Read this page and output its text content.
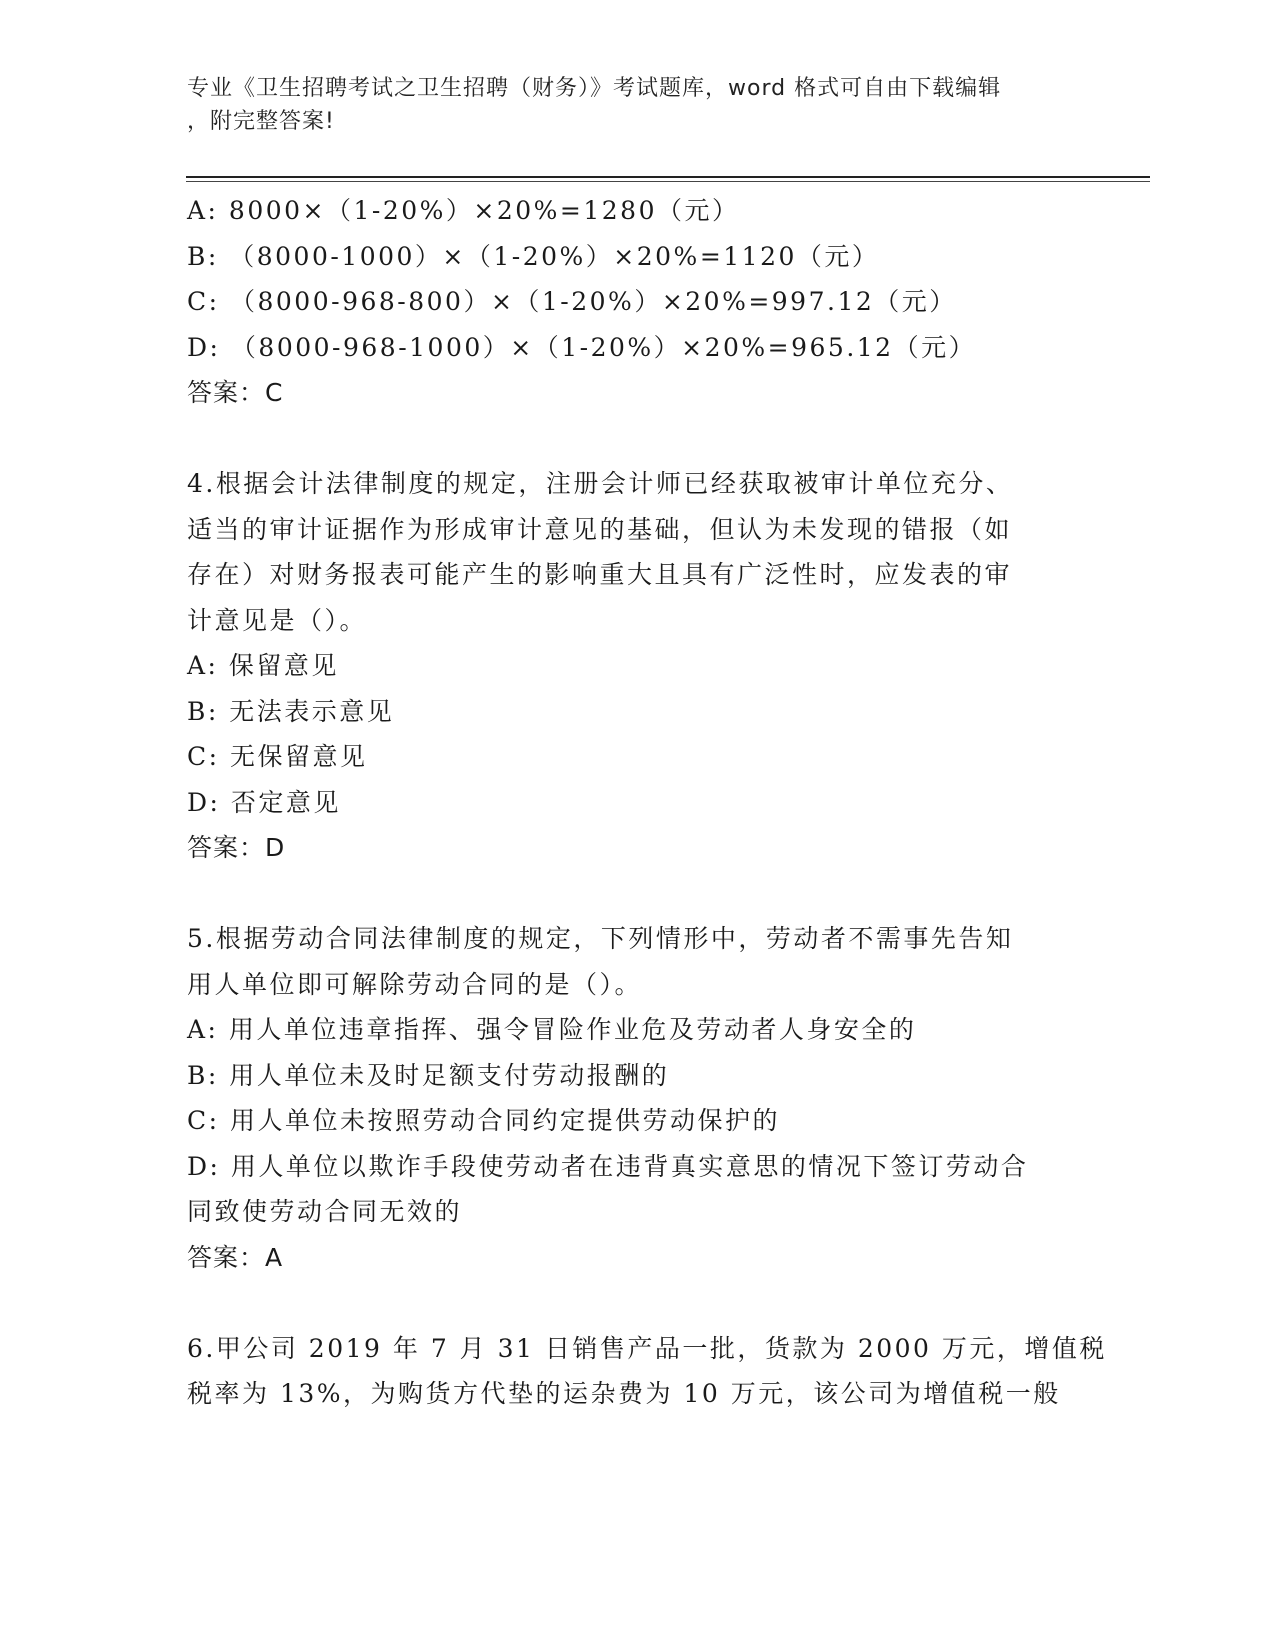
专业《卫生招聘考试之卫生招聘（财务）》考试题库，word 格式可自由下载编辑
，附完整答案!
A: 8000×（1-20%）×20%=1280（元）
B: （8000-1000）×（1-20%）×20%=1120（元）
C: （8000-968-800）×（1-20%）×20%=997.12（元）
D: （8000-968-1000）×（1-20%）×20%=965.12（元）
答案：C
4.根据会计法律制度的规定，注册会计师已经获取被审计单位充分、
适当的审计证据作为形成审计意见的基础，但认为未发现的错报（如
存在）对财务报表可能产生的影响重大且具有广泛性时，应发表的审
计意见是（）。
A: 保留意见
B: 无法表示意见
C: 无保留意见
D: 否定意见
答案：D
5.根据劳动合同法律制度的规定，下列情形中，劳动者不需事先告知
用人单位即可解除劳动合同的是（）。
A: 用人单位违章指挥、强令冒险作业危及劳动者人身安全的
B: 用人单位未及时足额支付劳动报酬的
C: 用人单位未按照劳动合同约定提供劳动保护的
D: 用人单位以欺诈手段使劳动者在违背真实意思的情况下签订劳动合
同致使劳动合同无效的
答案：A
6.甲公司 2019 年 7 月 31 日销售产品一批，货款为 2000 万元，增值税
税率为 13%，为购货方代垫的运杂费为 10 万元，该公司为增值税一般
